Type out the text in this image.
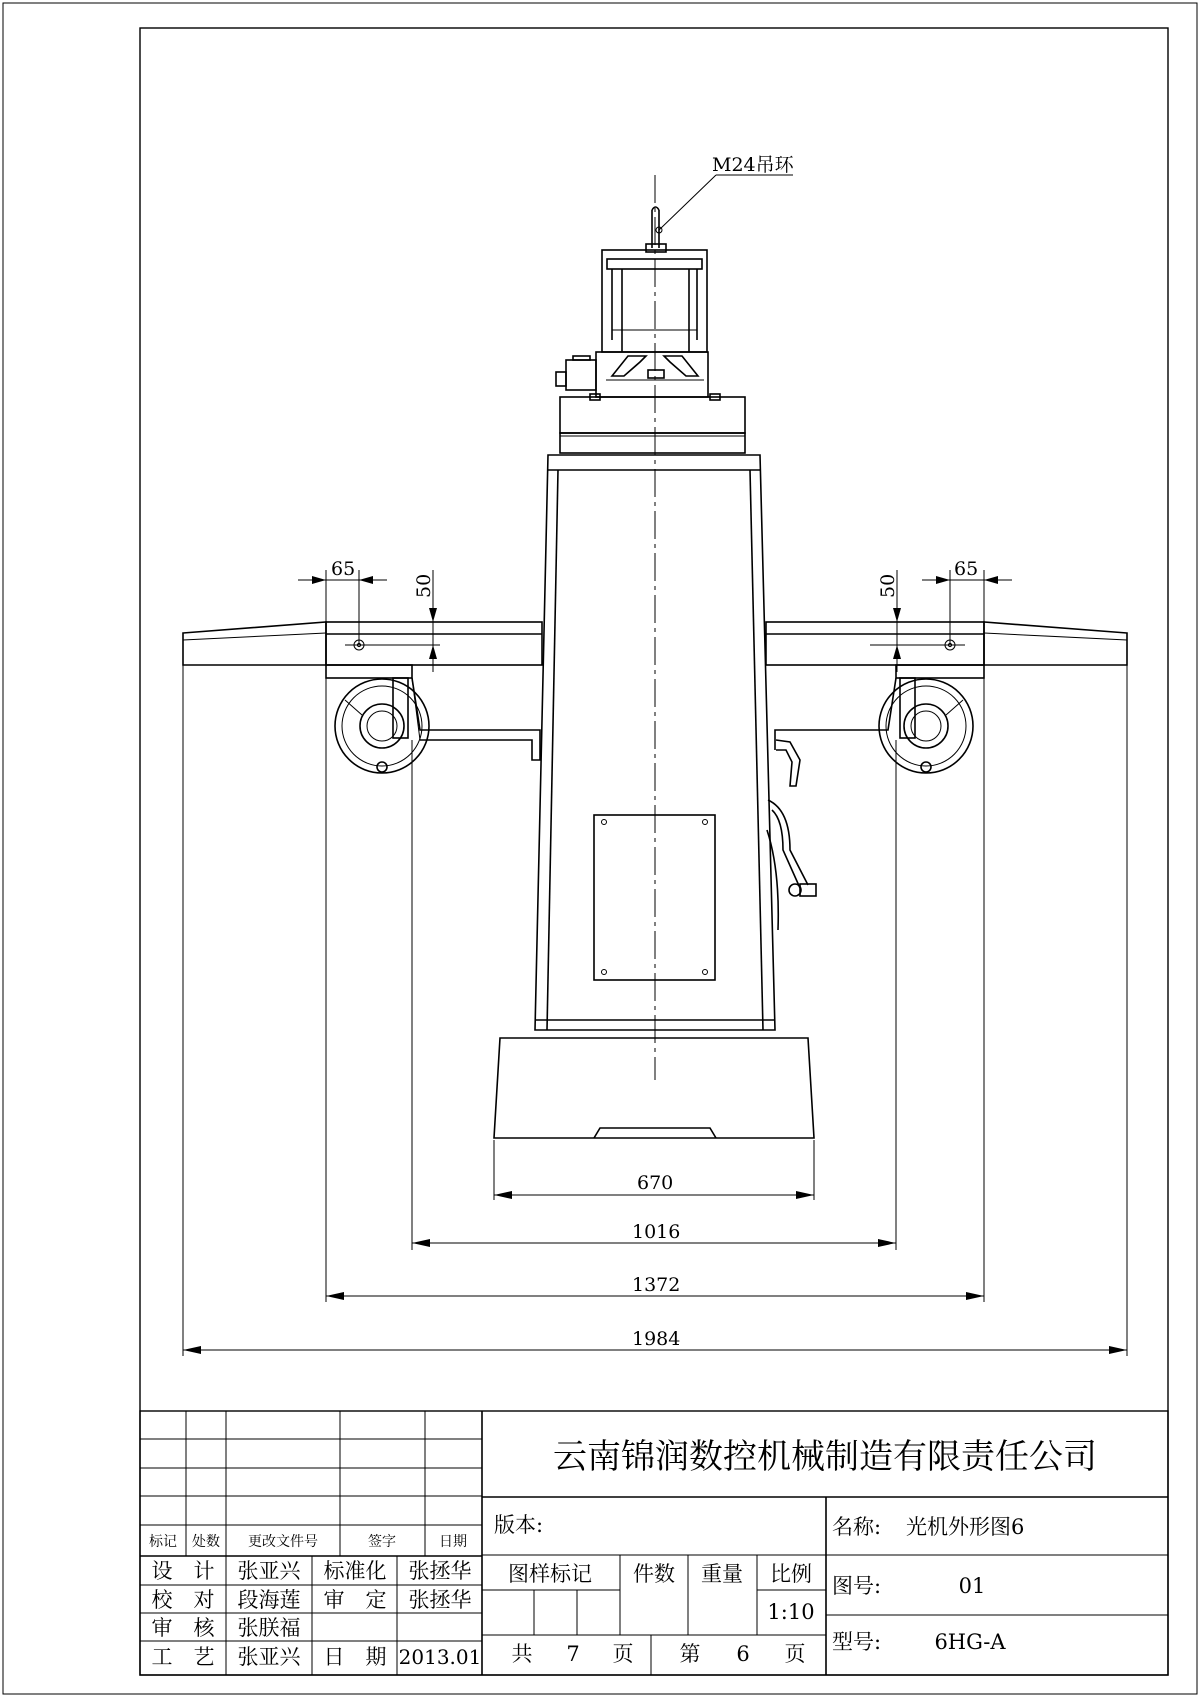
M24吊环
65
50	50
65
670
1016
1372
1984
云南锦润数控机械制造有限责任公司
标记 处数 更改文件号	签字	日期
设　计 张亚兴 标准化 张拯华
校　对 段海莲 审　定 张拯华
审　核 张朕福
工　艺 张亚兴 日　期 2013.01
版本:	名称: 光机外形图6
图样标记 件数 重量 比例
1:10
图号:	01
型号:	6HG-A
共 7 页 第 6 页
